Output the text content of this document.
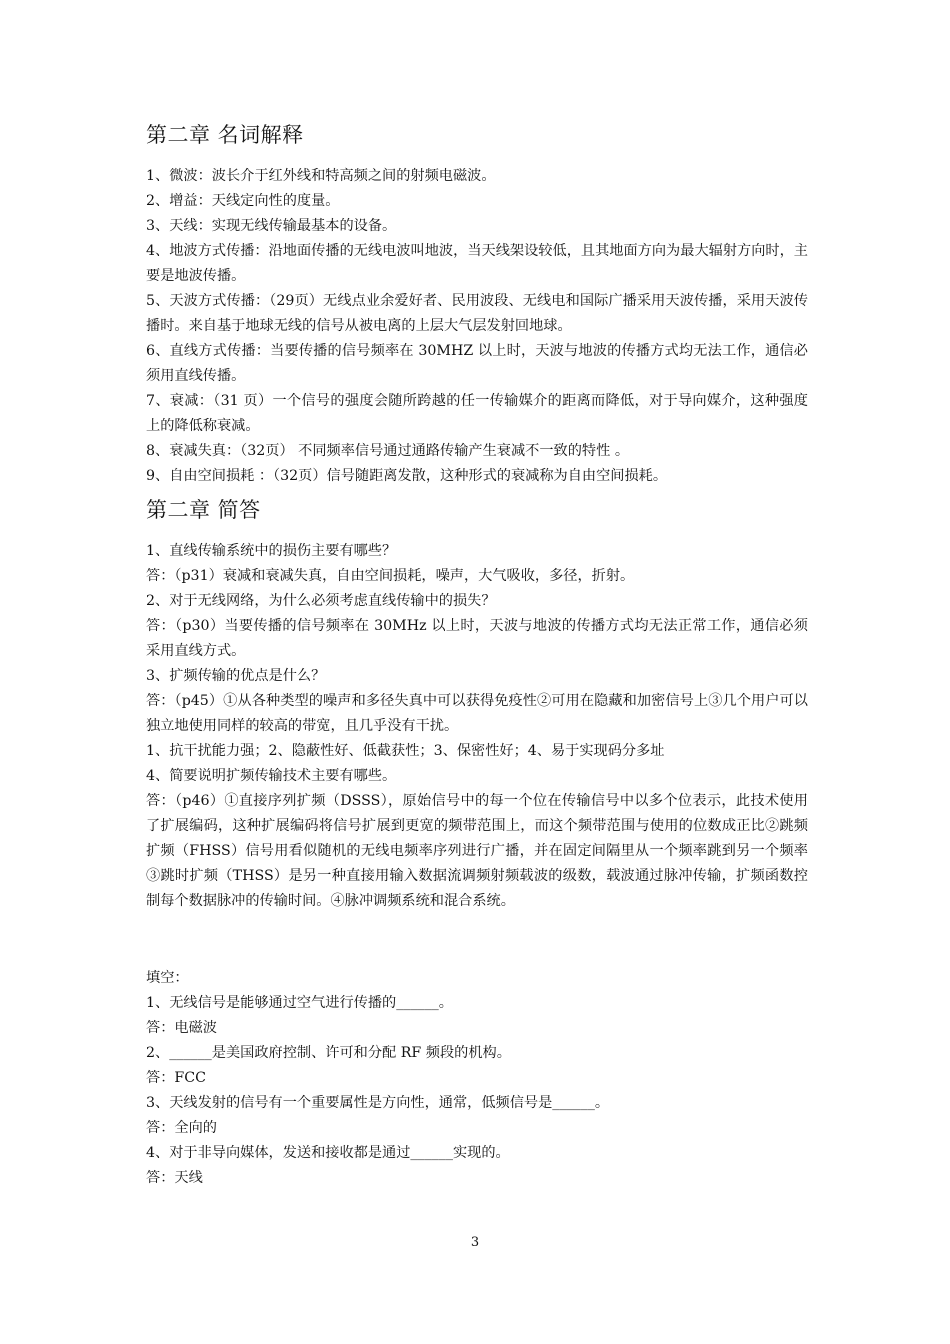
第二章 名词解释

1、微波：波长介于红外线和特高频之间的射频电磁波。

2、增益：天线定向性的度量。

3、天线：实现无线传输最基本的设备。

4、地波方式传播：沿地面传播的无线电波叫地波，当天线架设较低，且其地面方向为最大辐射方向时，主要是地波传播。

5、天波方式传播：（29页）无线点业余爱好者、民用波段、无线电和国际广播采用天波传播，采用天波传播时。来自基于地球无线的信号从被电离的上层大气层发射回地球。

6、直线方式传播：当要传播的信号频率在 30MHZ 以上时，天波与地波的传播方式均无法工作，通信必须用直线传播。

7、衰减：（31 页）一个信号的强度会随所跨越的任一传输媒介的距离而降低，对于导向媒介，这种强度上的降低称衰减。

8、衰减失真：（32页） 不同频率信号通过通路传输产生衰减不一致的特性 。

9、自由空间损耗 ：（32页）信号随距离发散，这种形式的衰减称为自由空间损耗。

第二章 简答

1、直线传输系统中的损伤主要有哪些？

答：（p31）衰减和衰减失真，自由空间损耗，噪声，大气吸收，多径，折射。

2、对于无线网络，为什么必须考虑直线传输中的损失？

答：（p30）当要传播的信号频率在 30MHz 以上时，天波与地波的传播方式均无法正常工作，通信必须采用直线方式。

3、扩频传输的优点是什么？

答：（p45）①从各种类型的噪声和多径失真中可以获得免疫性②可用在隐藏和加密信号上③几个用户可以独立地使用同样的较高的带宽，且几乎没有干扰。

1、抗干扰能力强；2、隐蔽性好、低截获性；3、保密性好；4、易于实现码分多址

4、简要说明扩频传输技术主要有哪些。

答：（p46）①直接序列扩频（DSSS），原始信号中的每一个位在传输信号中以多个位表示，此技术使用了扩展编码，这种扩展编码将信号扩展到更宽的频带范围上，而这个频带范围与使用的位数成正比②跳频扩频（FHSS）信号用看似随机的无线电频率序列进行广播，并在固定间隔里从一个频率跳到另一个频率③跳时扩频（THSS）是另一种直接用输入数据流调频射频载波的级数，载波通过脉冲传输，扩频函数控制每个数据脉冲的传输时间。④脉冲调频系统和混合系统。

填空：

1、无线信号是能够通过空气进行传播的______。

答：电磁波

2、______是美国政府控制、许可和分配 RF 频段的机构。

答：FCC

3、天线发射的信号有一个重要属性是方向性，通常，低频信号是______。

答：全向的

4、对于非导向媒体，发送和接收都是通过______实现的。

答：天线

3
